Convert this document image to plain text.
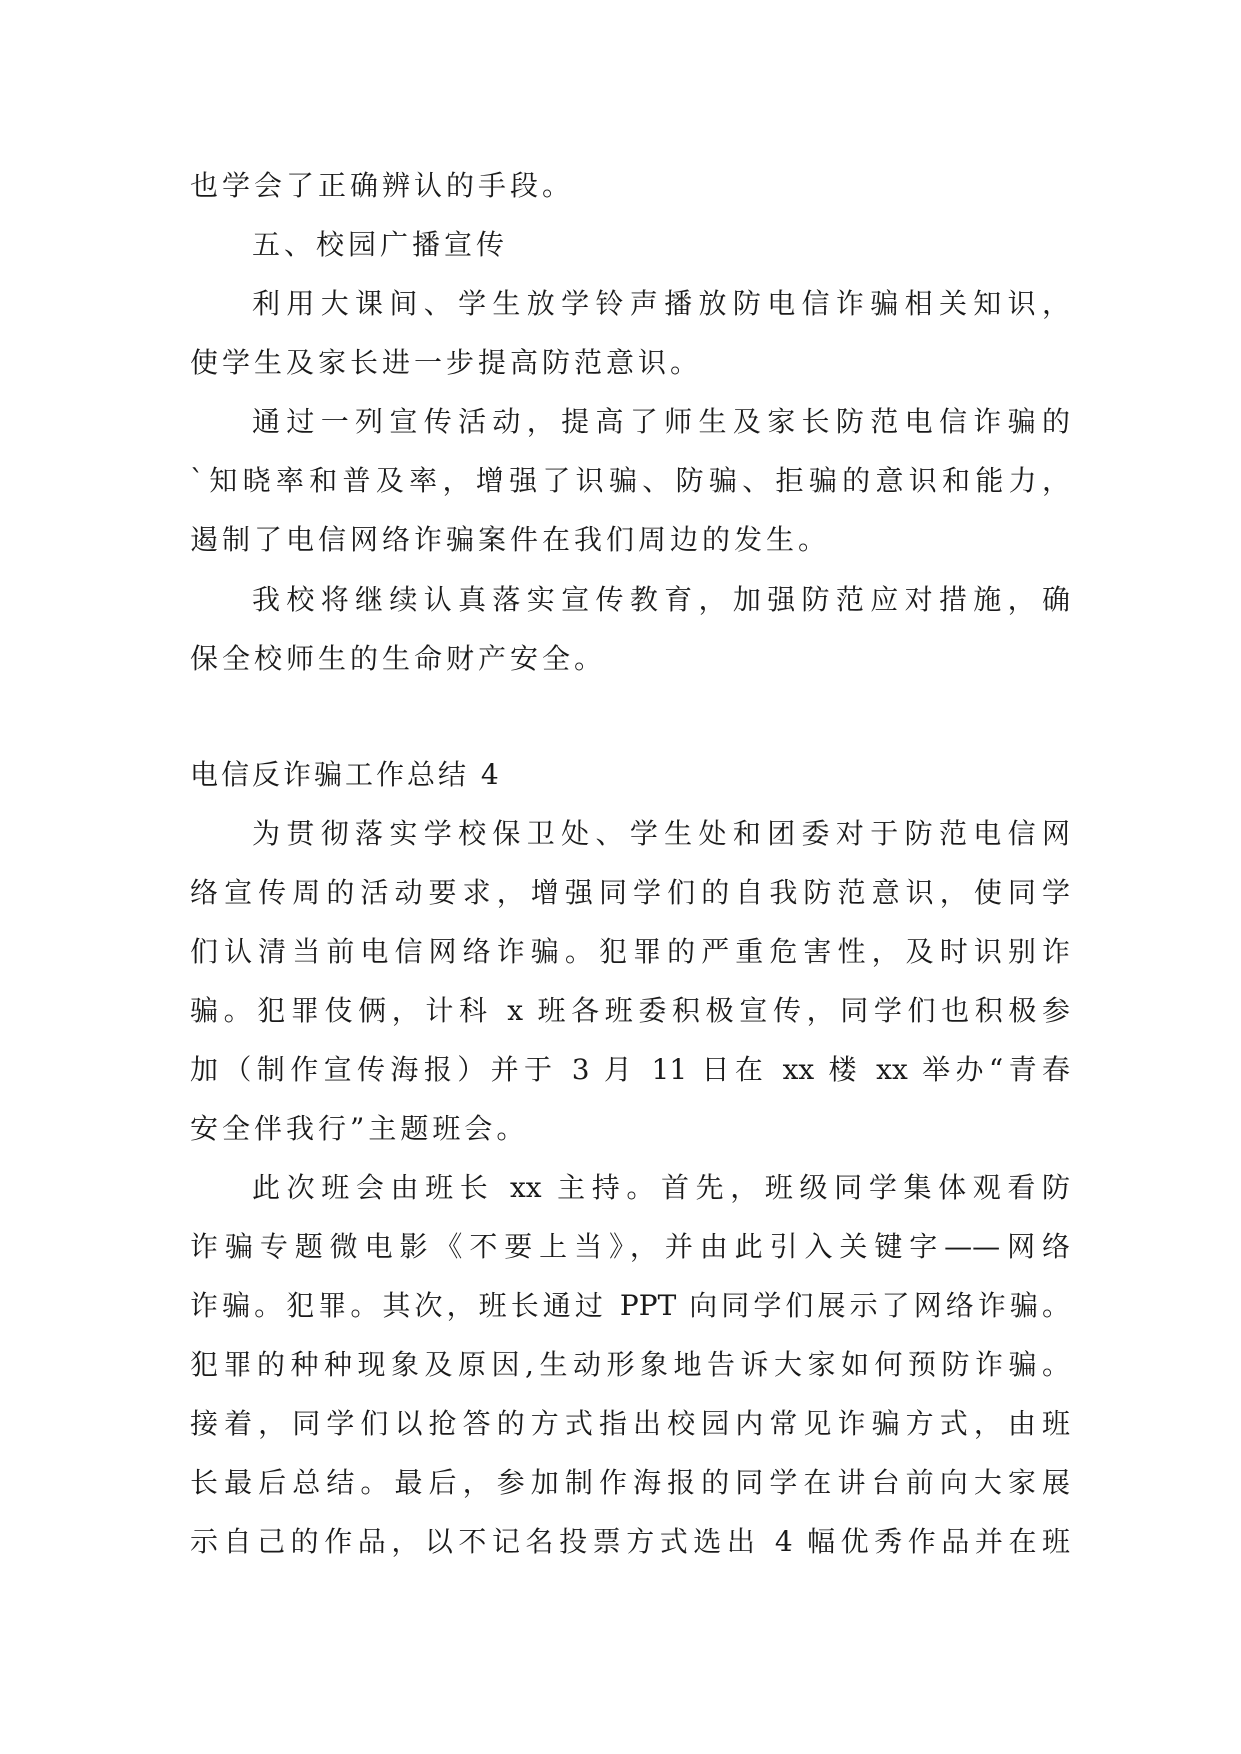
也学会了正确辨认的手段。
五、校园广播宣传
利用大课间、学生放学铃声播放防电信诈骗相关知识，
使学生及家长进一步提高防范意识。
通过一列宣传活动，提高了师生及家长防范电信诈骗的
`知晓率和普及率，增强了识骗、防骗、拒骗的意识和能力，
遏制了电信网络诈骗案件在我们周边的发生。
我校将继续认真落实宣传教育，加强防范应对措施，确
保全校师生的生命财产安全。
电信反诈骗工作总结 4
为贯彻落实学校保卫处、学生处和团委对于防范电信网
络宣传周的活动要求，增强同学们的自我防范意识，使同学
们认清当前电信网络诈骗。犯罪的严重危害性，及时识别诈
骗。犯罪伎俩，计科 x 班各班委积极宣传，同学们也积极参
加（制作宣传海报）并于 3 月 11 日在 xx 楼 xx 举办“青春
安全伴我行”主题班会。
此次班会由班长 xx 主持。首先，班级同学集体观看防
诈骗专题微电影《不要上当》，并由此引入关键字——网络
诈骗。犯罪。其次，班长通过 PPT 向同学们展示了网络诈骗。
犯罪的种种现象及原因,生动形象地告诉大家如何预防诈骗。
接着，同学们以抢答的方式指出校园内常见诈骗方式，由班
长最后总结。最后，参加制作海报的同学在讲台前向大家展
示自己的作品，以不记名投票方式选出 4 幅优秀作品并在班
